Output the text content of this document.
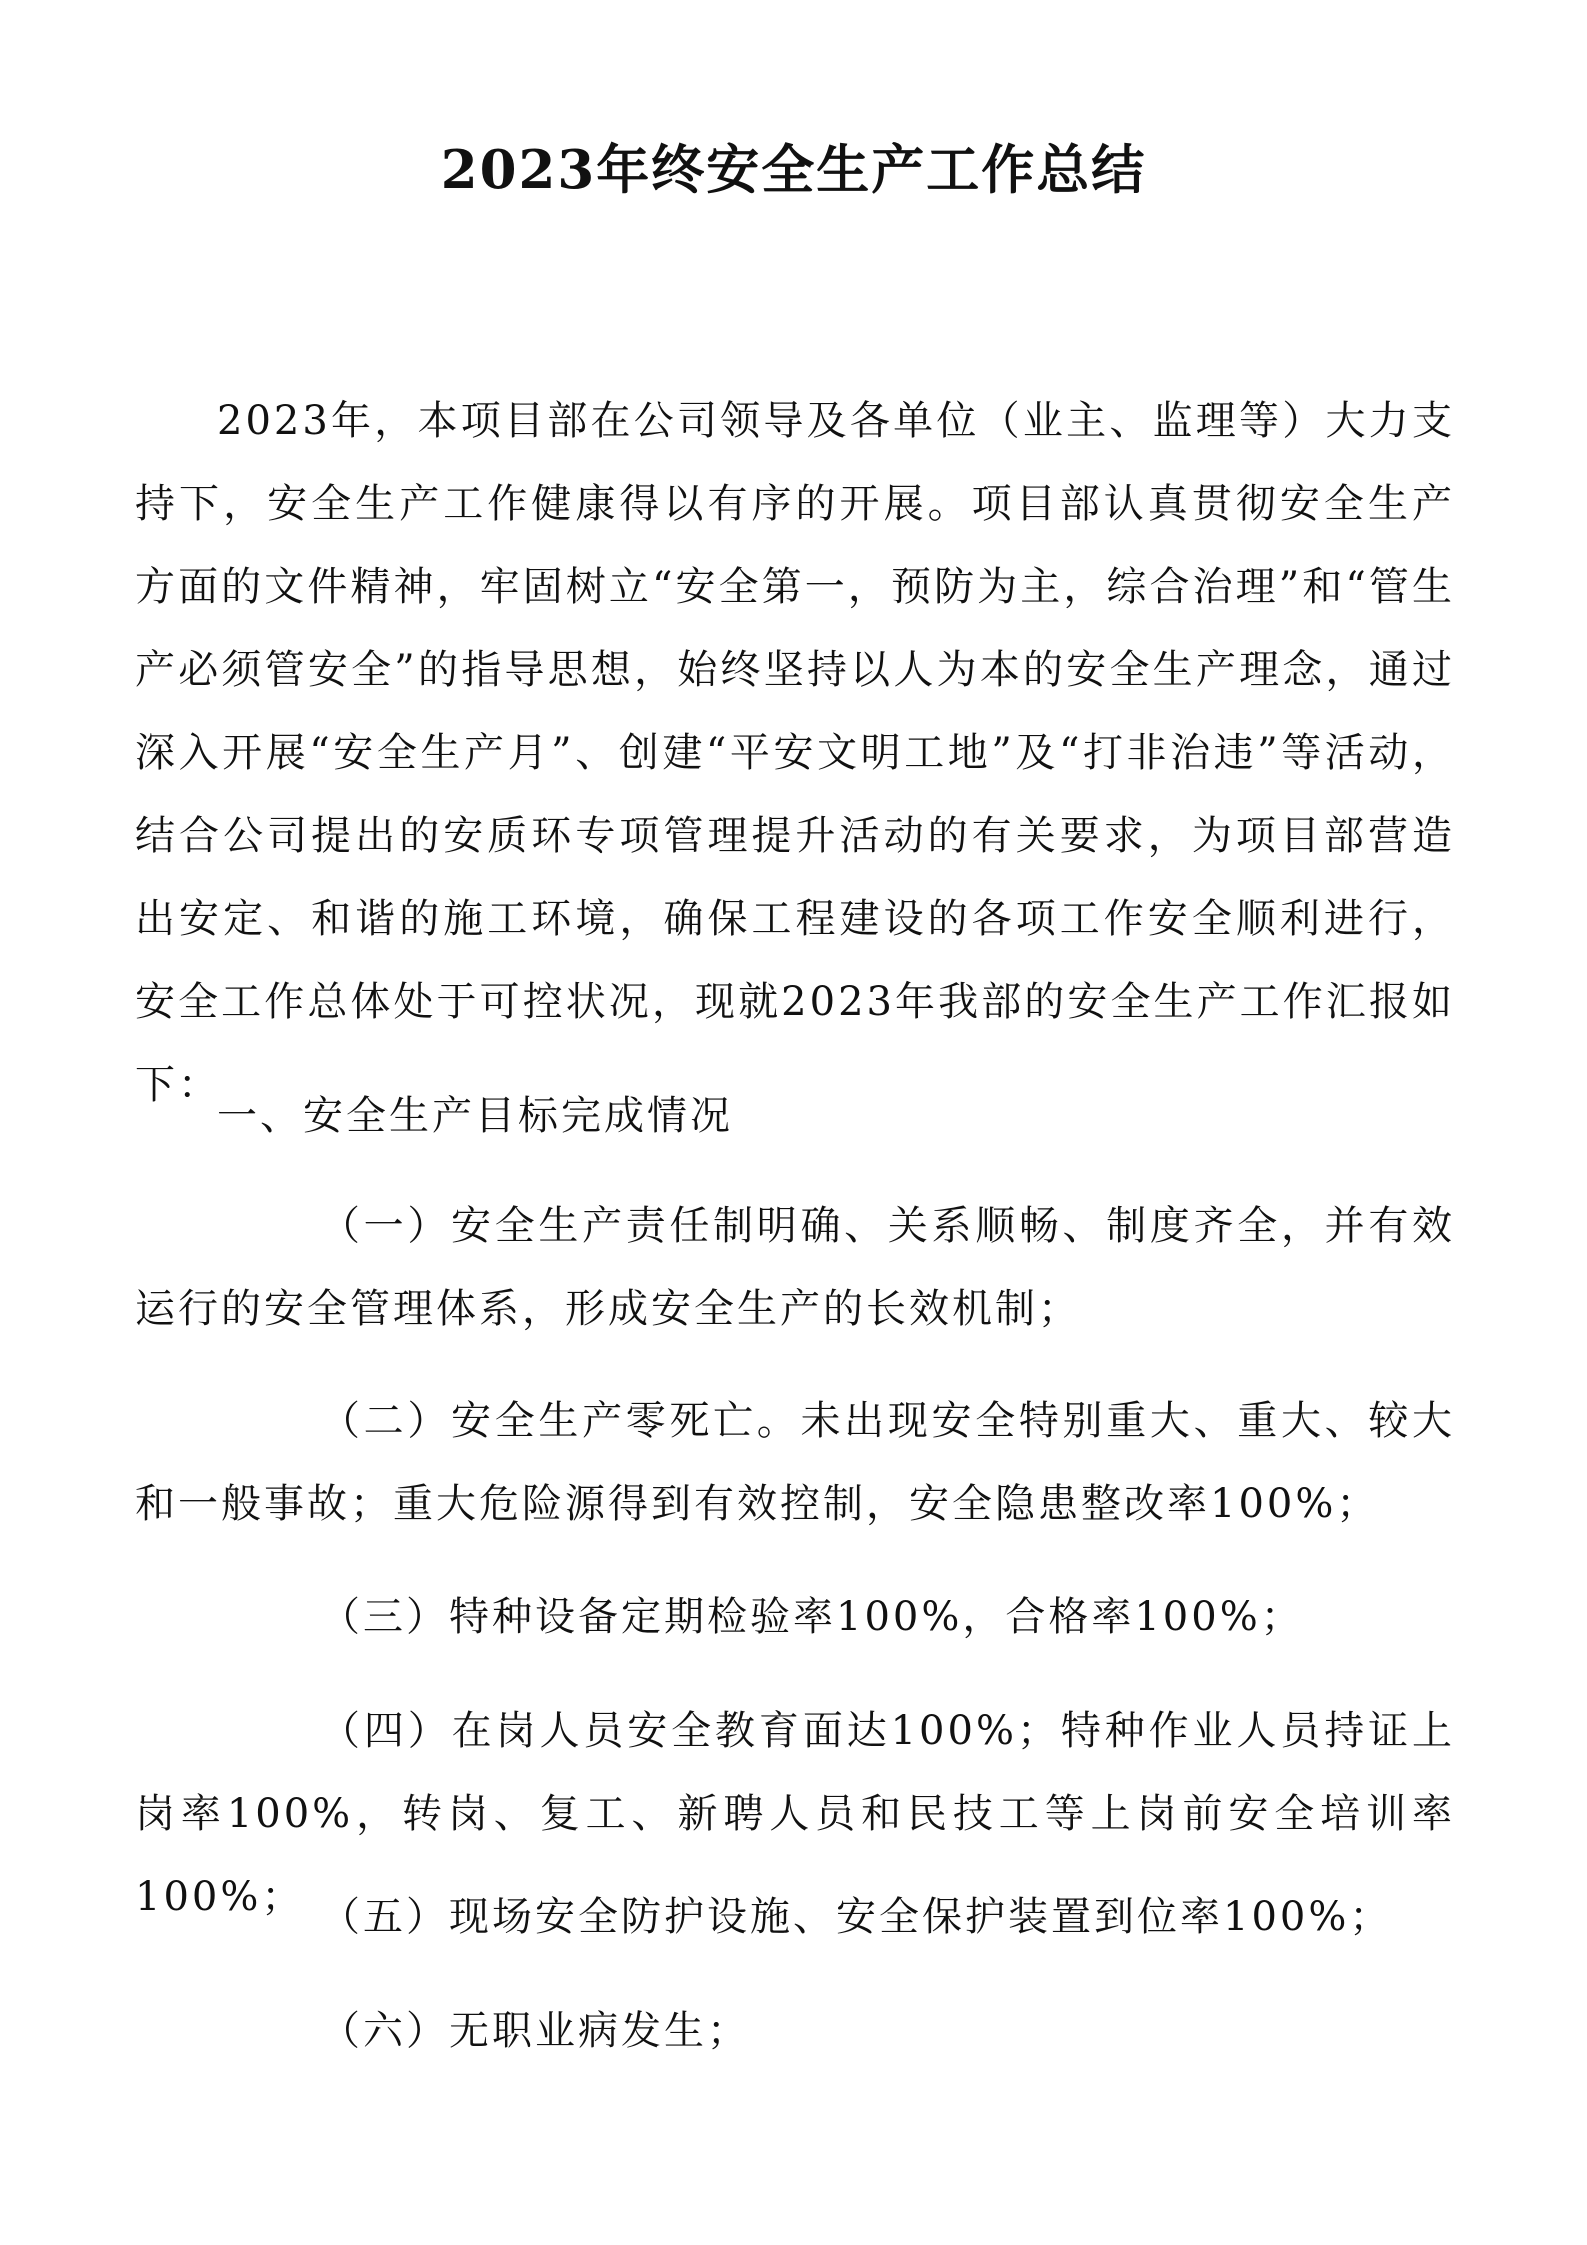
2023年终安全生产工作总结

2023年，本项目部在公司领导及各单位（业主、监理等）大力支持下，安全生产工作健康得以有序的开展。项目部认真贯彻安全生产方面的文件精神，牢固树立“安全第一，预防为主，综合治理”和“管生产必须管安全”的指导思想，始终坚持以人为本的安全生产理念，通过深入开展“安全生产月”、创建“平安文明工地”及“打非治违”等活动，结合公司提出的安质环专项管理提升活动的有关要求，为项目部营造出安定、和谐的施工环境，确保工程建设的各项工作安全顺利进行，安全工作总体处于可控状况，现就2023年我部的安全生产工作汇报如下：

一、安全生产目标完成情况

（一）安全生产责任制明确、关系顺畅、制度齐全，并有效运行的安全管理体系，形成安全生产的长效机制；

（二）安全生产零死亡。未出现安全特别重大、重大、较大和一般事故；重大危险源得到有效控制，安全隐患整改率100%；

（三）特种设备定期检验率100%，合格率100%；

（四）在岗人员安全教育面达100%；特种作业人员持证上岗率100%，转岗、复工、新聘人员和民技工等上岗前安全培训率100%； （五）现场安全防护设施、安全保护装置到位率100%；

（六）无职业病发生；
